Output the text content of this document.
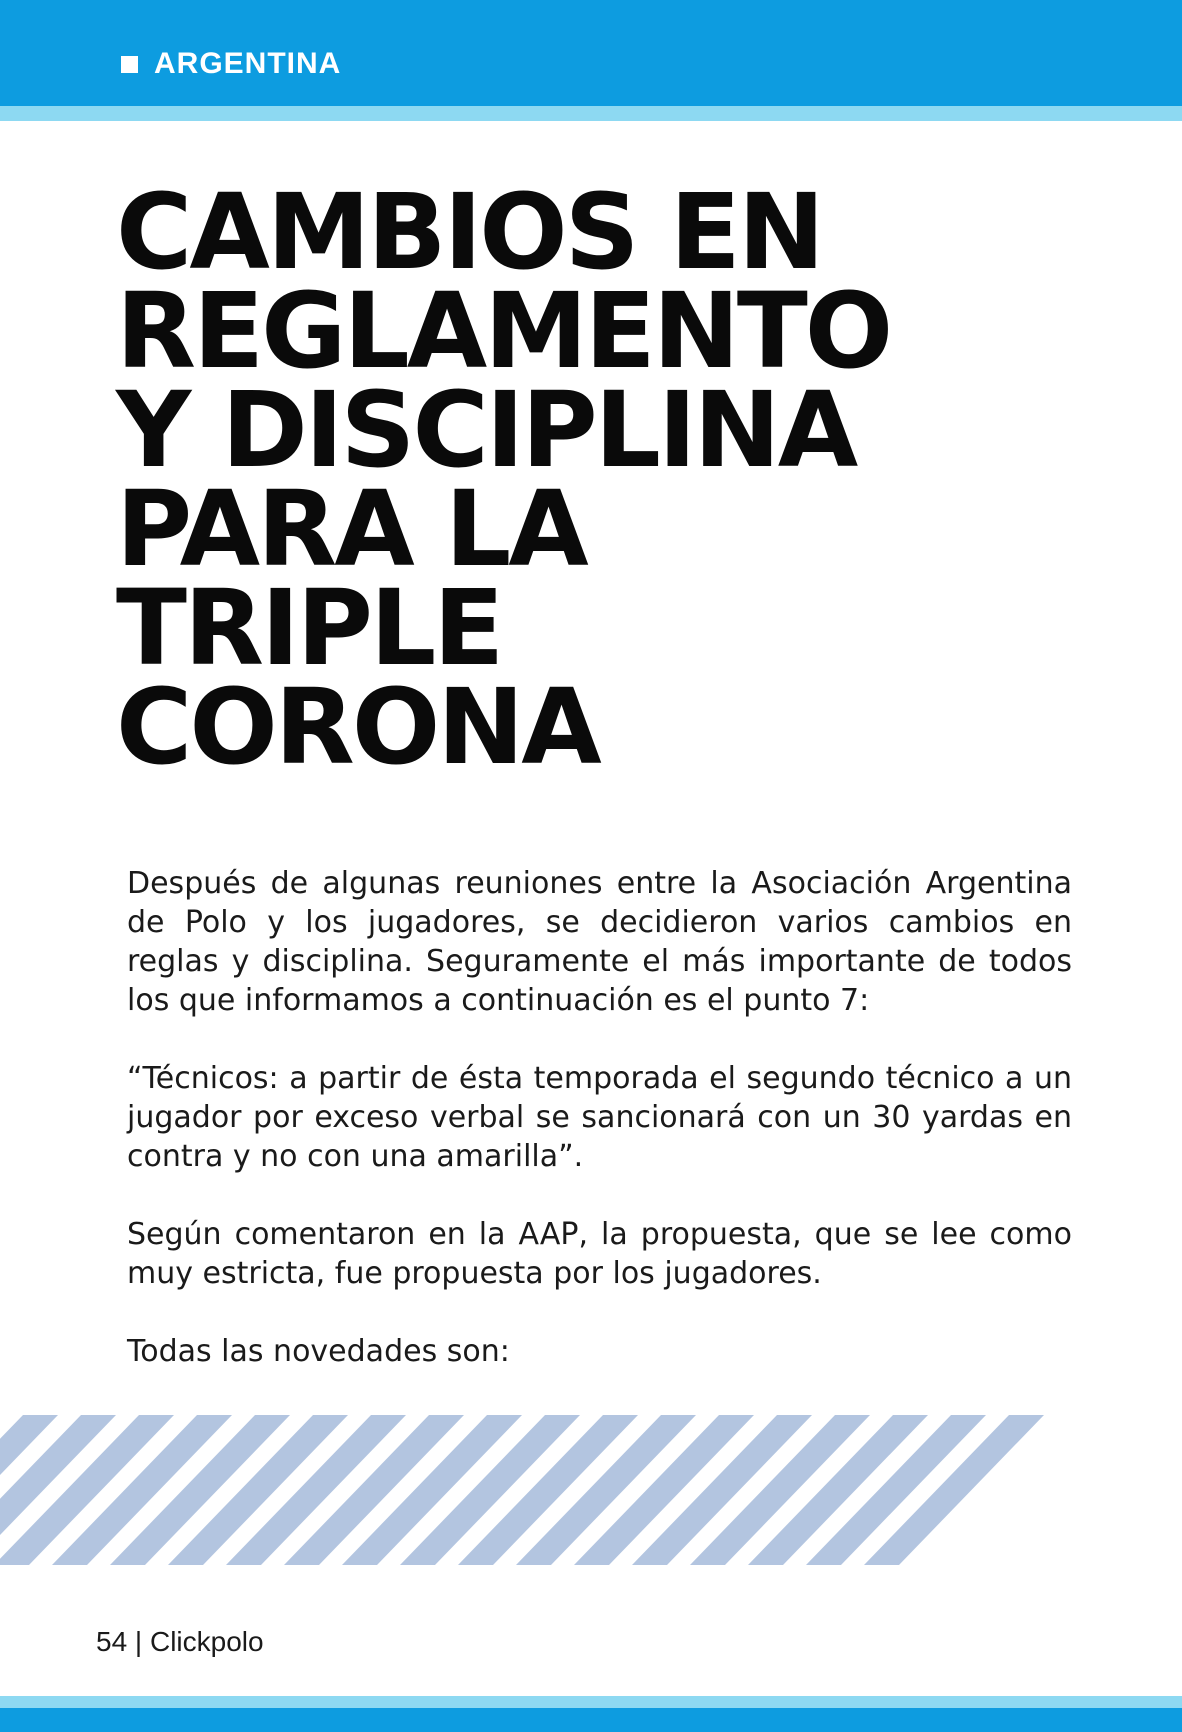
ARGENTINA
CAMBIOS EN
REGLAMENTO
Y DISCIPLINA
PARA LA
TRIPLE
CORONA

Después de algunas reuniones entre la Asociación Argentina de Polo y los jugadores, se decidieron varios cambios en reglas y disciplina. Seguramente el más importante de todos los que informamos a continuación es el punto 7:

“Técnicos: a partir de ésta temporada el segundo técnico a un jugador por exceso verbal se sancionará con un 30 yardas en contra y no con una amarilla”.

Según comentaron en la AAP, la propuesta, que se lee como muy estricta, fue propuesta por los jugadores.

Todas las novedades son:

54 | Clickpolo
